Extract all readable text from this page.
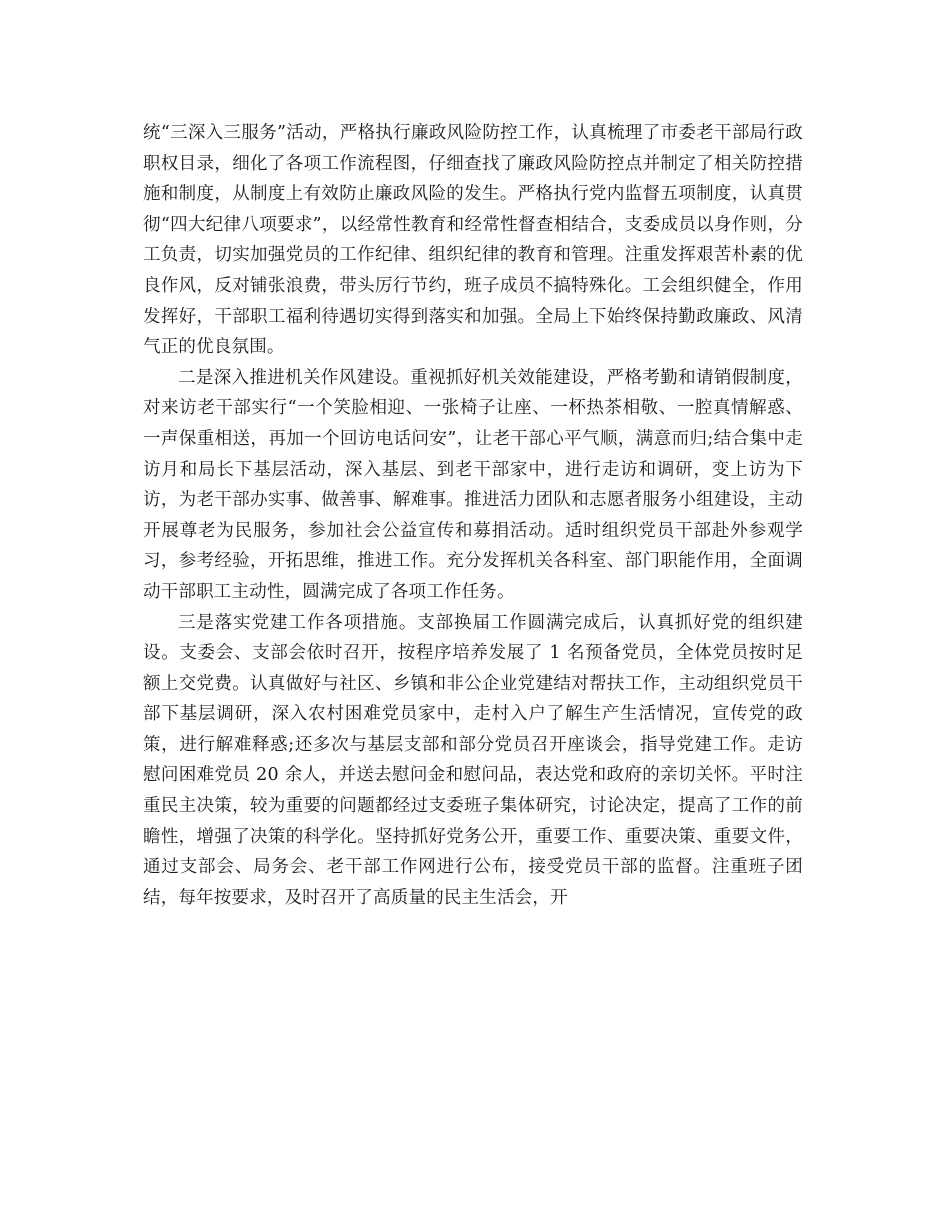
统“三深入三服务”活动，严格执行廉政风险防控工作，认真梳理了市委老干部局行政职权目录，细化了各项工作流程图，仔细查找了廉政风险防控点并制定了相关防控措施和制度，从制度上有效防止廉政风险的发生。严格执行党内监督五项制度，认真贯彻“四大纪律八项要求”，以经常性教育和经常性督查相结合，支委成员以身作则，分工负责，切实加强党员的工作纪律、组织纪律的教育和管理。注重发挥艰苦朴素的优良作风，反对铺张浪费，带头厉行节约，班子成员不搞特殊化。工会组织健全，作用发挥好，干部职工福利待遇切实得到落实和加强。全局上下始终保持勤政廉政、风清气正的优良氛围。

二是深入推进机关作风建设。重视抓好机关效能建设，严格考勤和请销假制度，对来访老干部实行“一个笑脸相迎、一张椅子让座、一杯热茶相敬、一腔真情解惑、一声保重相送，再加一个回访电话问安”，让老干部心平气顺，满意而归;结合集中走访月和局长下基层活动，深入基层、到老干部家中，进行走访和调研，变上访为下访，为老干部办实事、做善事、解难事。推进活力团队和志愿者服务小组建设，主动开展尊老为民服务，参加社会公益宣传和募捐活动。适时组织党员干部赴外参观学习，参考经验，开拓思维，推进工作。充分发挥机关各科室、部门职能作用，全面调动干部职工主动性，圆满完成了各项工作任务。

三是落实党建工作各项措施。支部换届工作圆满完成后，认真抓好党的组织建设。支委会、支部会依时召开，按程序培养发展了 1 名预备党员，全体党员按时足额上交党费。认真做好与社区、乡镇和非公企业党建结对帮扶工作，主动组织党员干部下基层调研，深入农村困难党员家中，走村入户了解生产生活情况，宣传党的政策，进行解难释惑;还多次与基层支部和部分党员召开座谈会，指导党建工作。走访慰问困难党员 20 余人，并送去慰问金和慰问品，表达党和政府的亲切关怀。平时注重民主决策，较为重要的问题都经过支委班子集体研究，讨论决定，提高了工作的前瞻性，增强了决策的科学化。坚持抓好党务公开，重要工作、重要决策、重要文件，通过支部会、局务会、老干部工作网进行公布，接受党员干部的监督。注重班子团结，每年按要求，及时召开了高质量的民主生活会，开
